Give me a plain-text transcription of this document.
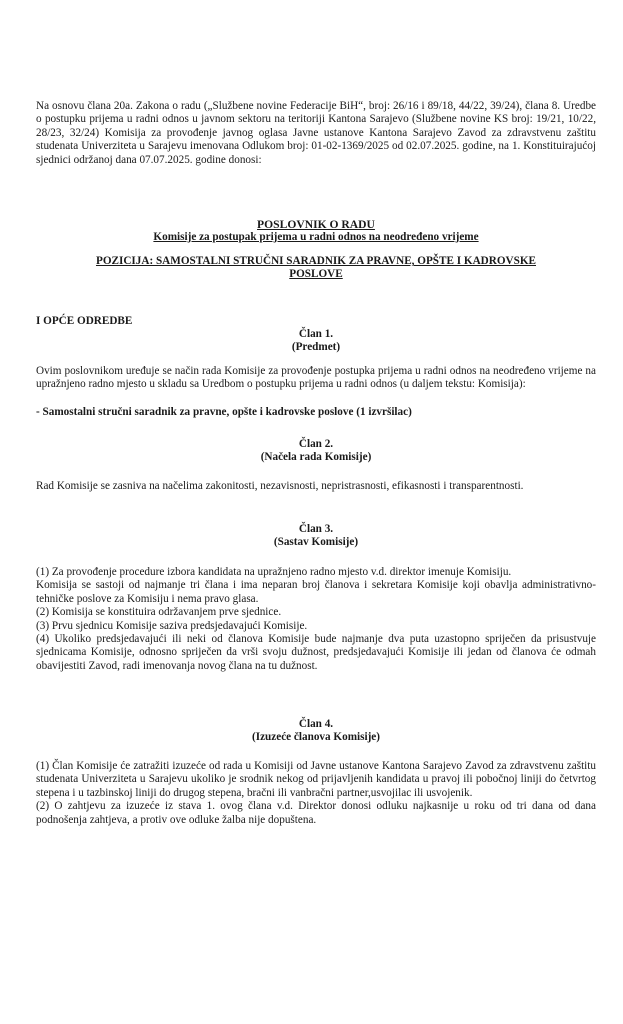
Na osnovu člana 20a. Zakona o radu („Službene novine Federacije BiH“, broj: 26/16 i 89/18, 44/22, 39/24), člana 8. Uredbe o postupku prijema u radni odnos u javnom sektoru na teritoriji Kantona Sarajevo (Službene novine KS broj: 19/21, 10/22, 28/23, 32/24) Komisija za provođenje javnog oglasa Javne ustanove Kantona Sarajevo Zavod za zdravstvenu zaštitu studenata Univerziteta u Sarajevu imenovana Odlukom broj: 01-02-1369/2025 od 02.07.2025. godine, na 1. Konstituirajućoj sjednici održanoj dana 07.07.2025. godine donosi:

POSLOVNIK O RADU

Komisije za postupak prijema u radni odnos na neodređeno vrijeme

POZICIJA: SAMOSTALNI STRUČNI SARADNIK ZA PRAVNE, OPŠTE I KADROVSKE

POSLOVE

I OPĆE ODREDBE

Član 1.

(Predmet)

Ovim poslovnikom uređuje se način rada Komisije za provođenje postupka prijema u radni odnos na neodređeno vrijeme na upražnjeno radno mjesto u skladu sa Uredbom o postupku prijema u radni odnos (u daljem tekstu: Komisija):

- Samostalni stručni saradnik za pravne, opšte i kadrovske poslove (1 izvršilac)

Član 2.

(Načela rada Komisije)

Rad Komisije se zasniva na načelima zakonitosti, nezavisnosti, nepristrasnosti, efikasnosti i transparentnosti.

Član 3.

(Sastav Komisije)

(1) Za provođenje procedure izbora kandidata na upražnjeno radno mjesto v.d. direktor imenuje Komisiju.

Komisija se sastoji od najmanje tri člana i ima neparan broj članova i sekretara Komisije koji obavlja administrativno-tehničke poslove za Komisiju i nema pravo glasa.

(2) Komisija se konstituira održavanjem prve sjednice.

(3) Prvu sjednicu Komisije saziva predsjedavajući Komisije.

(4) Ukoliko predsjedavajući ili neki od članova Komisije bude najmanje dva puta uzastopno spriječen da prisustvuje sjednicama Komisije, odnosno spriječen da vrši svoju dužnost, predsjedavajući Komisije ili jedan od članova će odmah obavijestiti Zavod, radi imenovanja novog člana na tu dužnost.

Član 4.

(Izuzeće članova Komisije)

(1) Član Komisije će zatražiti izuzeće od rada u Komisiji od Javne ustanove Kantona Sarajevo Zavod za zdravstvenu zaštitu studenata Univerziteta u Sarajevu ukoliko je srodnik nekog od prijavljenih kandidata u pravoj ili pobočnoj liniji do četvrtog stepena i u tazbinskoj liniji do drugog stepena, bračni ili vanbračni partner,usvojilac ili usvojenik.

(2) O zahtjevu za izuzeće iz stava 1. ovog člana v.d. Direktor donosi odluku najkasnije u roku od tri dana od dana podnošenja zahtjeva, a protiv ove odluke žalba nije dopuštena.
